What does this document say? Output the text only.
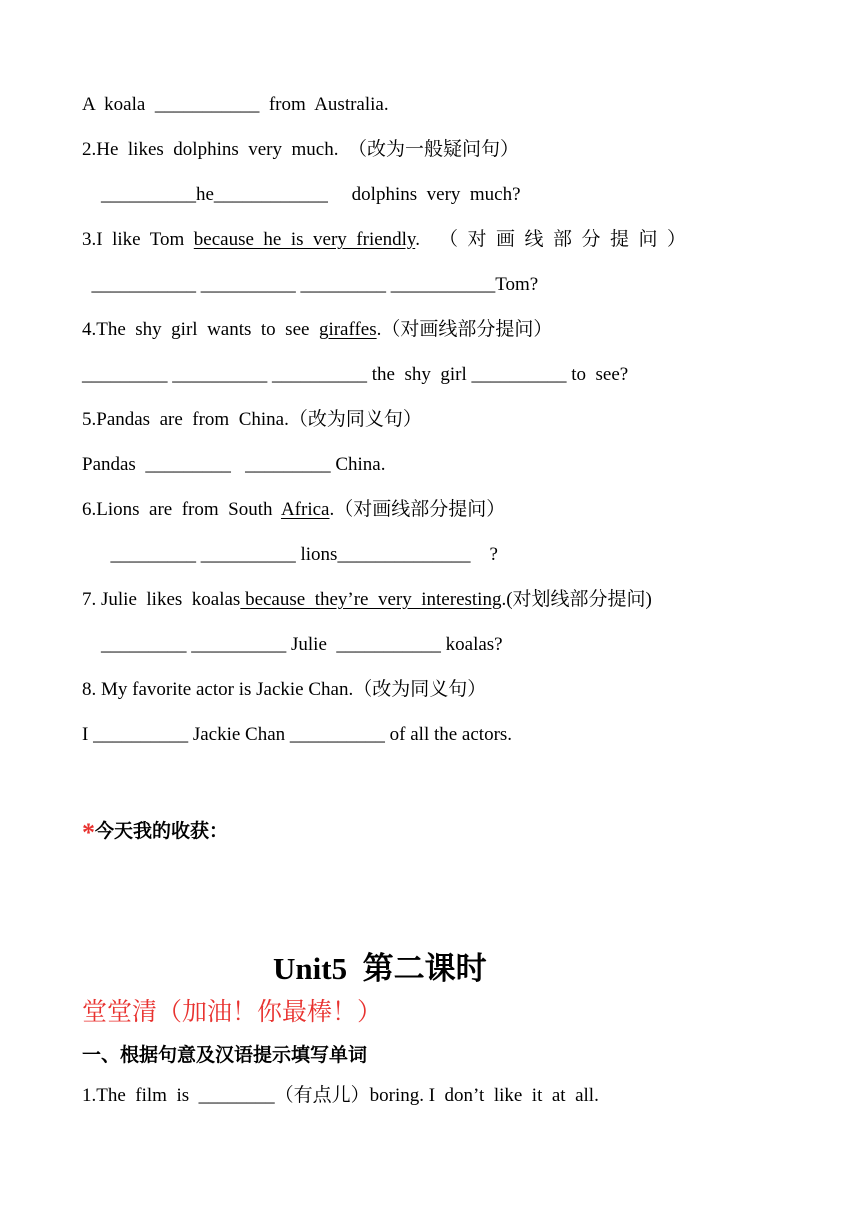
A  koala  ___________  from  Australia.
2.He  likes  dolphins  very  much.  （改为一般疑问句）
__________he____________     dolphins  very  much?
3.I  like  Tom  because  he  is  very  friendly.    （  对  画  线  部  分  提  问  ）
___________ __________ _________ ___________Tom?
4.The  shy  girl  wants  to  see  giraffes.（对画线部分提问）
_________ __________ __________ the  shy  girl __________ to  see?
5.Pandas  are  from  China.（改为同义句）
Pandas  _________   _________ China.
6.Lions  are  from  South  Africa.（对画线部分提问）
_________ __________ lions______________    ?
7. Julie  likes  koalas because  they’re  very  interesting.(对划线部分提问)
_________ __________ Julie  ___________ koalas?
8. My favorite actor is Jackie Chan.（改为同义句）
I __________ Jackie Chan __________ of all the actors.
*今天我的收获：
Unit5  第二课时
堂堂清（加油！你最棒！）
一、根据句意及汉语提示填写单词
1.The  film  is  ________（有点儿）boring. I  don’t  like  it  at  all.
